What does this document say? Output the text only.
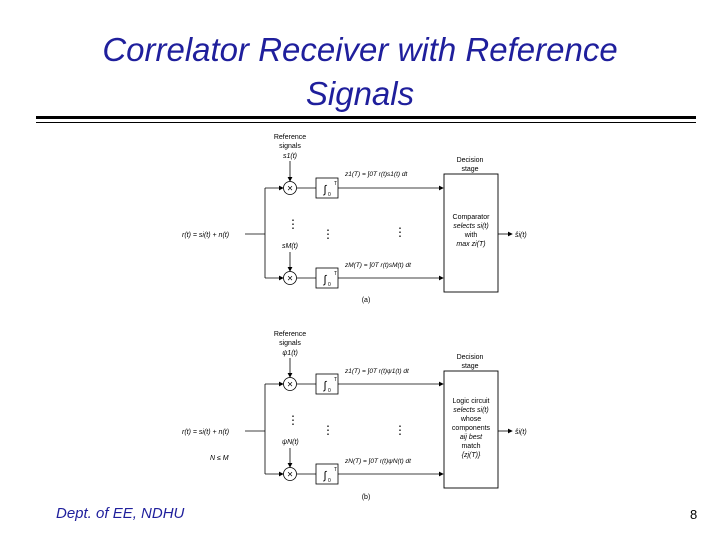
Correlator Receiver with Reference
Signals
Reference
signals
s1(t)
r(t) = si(t) + n(t)
×
×
sM(t)
⋮
⋮	⋮
∫ T
0
z1(T) = ∫0T r(t)s1(t) dt
∫ T
0
zM(T) = ∫0T r(t)sM(t) dt
Decision
stage
Comparator
selects si(t)
with
max zi(T)
ŝi(t)
(a)
Reference
signals
ψ1(t)
r(t) = si(t) + n(t)
N ≤ M
×
×
ψN(t)
⋮
⋮	⋮
∫ T
0
z1(T) = ∫0T r(t)ψ1(t) dt
∫ T
0
zN(T) = ∫0T r(t)ψN(t) dt
Decision
stage
Logic circuit
selects si(t)
whose
components
aij best
match
{zj(T)}
ŝi(t)
(b)
Dept. of EE, NDHU	8
